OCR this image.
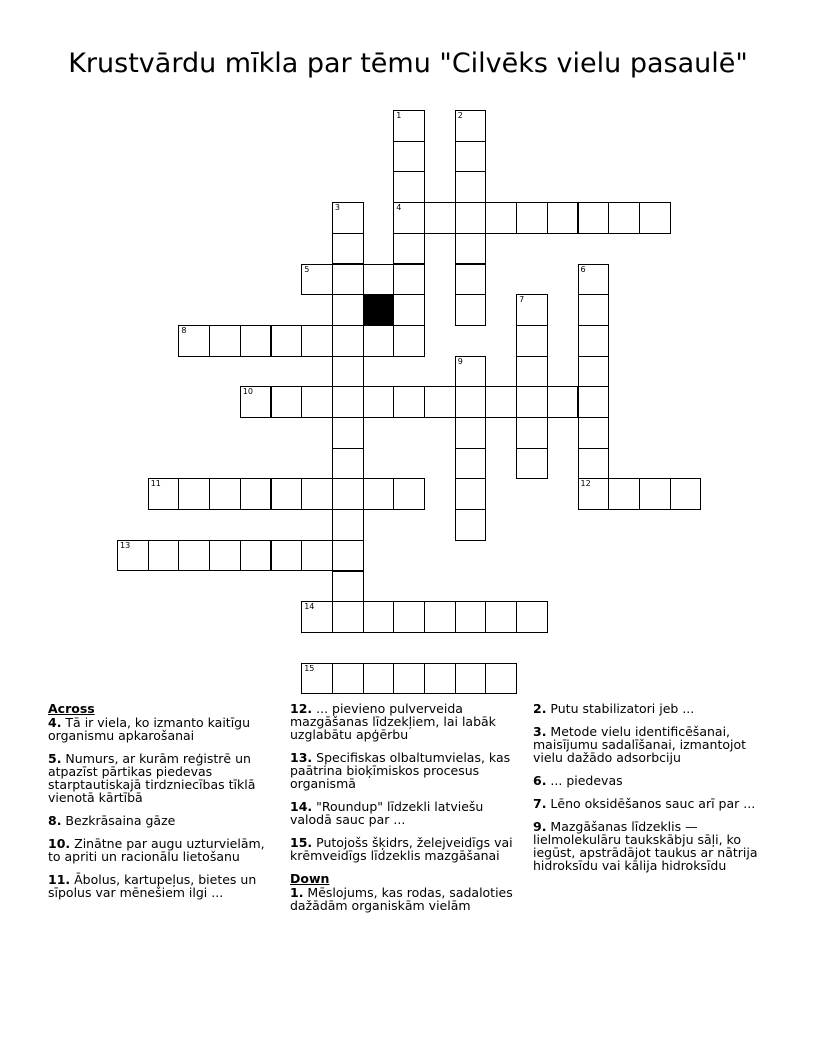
Krustvārdu mīkla par tēmu "Cilvēks vielu pasaulē"
1
4
2
3
5	6
7
8
9
10
11	12
13
14
15
Across
4. Tā ir viela, ko izmanto kaitīgu organismu apkarošanai
5. Numurs, ar kurām reģistrē un atpazīst pārtikas piedevas starptautiskajā tirdzniecības tīklā vienotā kārtībā
8. Bezkrāsaina gāze
10. Zinātne par augu uzturvielām, to apriti un racionālu lietošanu
11. Ābolus, kartupeļus, bietes un sīpolus var mēnešiem ilgi ...
12. ... pievieno pulverveida mazgāšanas līdzekļiem, lai labāk uzglabātu apģērbu
13. Specifiskas olbaltumvielas, kas paātrina bioķīmiskos procesus organismā
14. "Roundup" līdzekli latviešu valodā sauc par ...
15. Putojošs šķidrs, želejveidīgs vai krēmveidīgs līdzeklis mazgāšanai
Down
1. Mēslojums, kas rodas, sadaloties dažādām organiskām vielām
2. Putu stabilizatori jeb ...
3. Metode vielu identificēšanai, maisījumu sadalīšanai, izmantojot vielu dažādo adsorbciju
6. ... piedevas
7. Lēno oksidēšanos sauc arī par ...
9. Mazgāšanas līdzeklis — lielmolekulāru taukskābju sāļi, ko iegūst, apstrādājot taukus ar nātrija hidroksīdu vai kālija hidroksīdu
